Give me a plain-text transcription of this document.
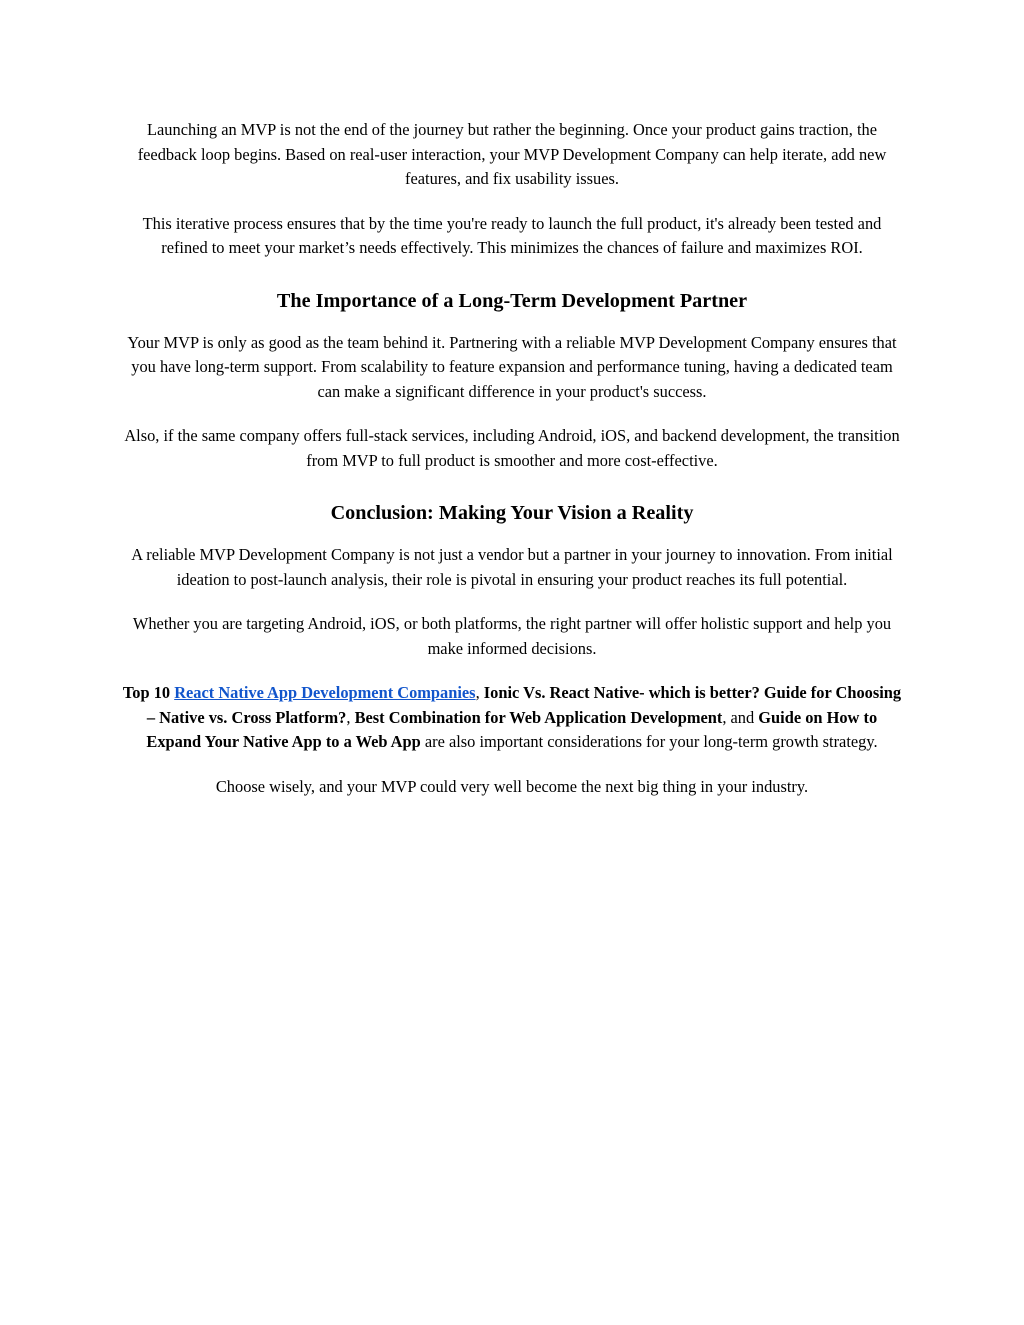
Launching an MVP is not the end of the journey but rather the beginning. Once your product gains traction, the feedback loop begins. Based on real-user interaction, your MVP Development Company can help iterate, add new features, and fix usability issues.

This iterative process ensures that by the time you're ready to launch the full product, it's already been tested and refined to meet your market’s needs effectively. This minimizes the chances of failure and maximizes ROI.

The Importance of a Long-Term Development Partner

Your MVP is only as good as the team behind it. Partnering with a reliable MVP Development Company ensures that you have long-term support. From scalability to feature expansion and performance tuning, having a dedicated team can make a significant difference in your product's success.

Also, if the same company offers full-stack services, including Android, iOS, and backend development, the transition from MVP to full product is smoother and more cost-effective.

Conclusion: Making Your Vision a Reality

A reliable MVP Development Company is not just a vendor but a partner in your journey to innovation. From initial ideation to post-launch analysis, their role is pivotal in ensuring your product reaches its full potential.

Whether you are targeting Android, iOS, or both platforms, the right partner will offer holistic support and help you make informed decisions.

Top 10 React Native App Development Companies, Ionic Vs. React Native- which is better? Guide for Choosing – Native vs. Cross Platform?, Best Combination for Web Application Development, and Guide on How to Expand Your Native App to a Web App are also important considerations for your long-term growth strategy.

Choose wisely, and your MVP could very well become the next big thing in your industry.
